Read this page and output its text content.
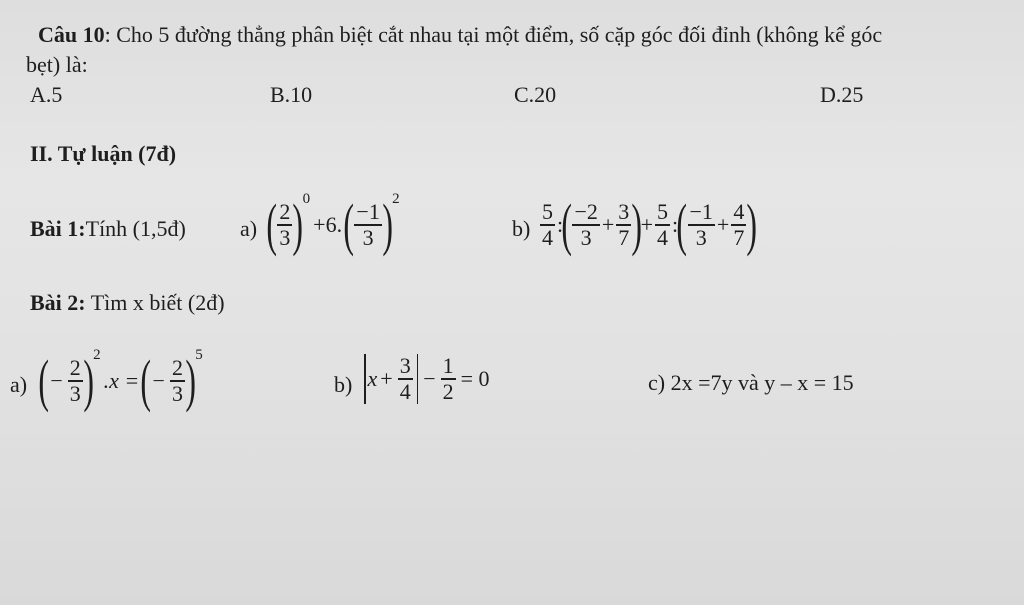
Câu 10: Cho 5 đường thẳng phân biệt cắt nhau tại một điểm, số cặp góc đối đỉnh (không kể góc
bẹt) là:
A.5	B.10	C.20	D.25
II. Tự luận (7đ)
Bài 1:Tính (1,5đ) a) ( $\frac{2}{3}$ ) 0
+6. ( $\frac{-1}{3}$ ) 2
$b) \frac{5}{4}$ :
( $\frac{-2}{3} + \frac{3}{7}$ )
+ $\frac{5}{4}$ :
( $\frac{-1}{3} + \frac{4}{7}$ )
Bài 2: Tìm x biết (2đ)
a) ( − $\frac{2}{3}$ ) 2
.x = ( − $\frac{2}{3}$ ) 5
b) $x + \frac{3}{4} - \frac{1}{2} = 0$	c) 2x =7y và y – x = 15
